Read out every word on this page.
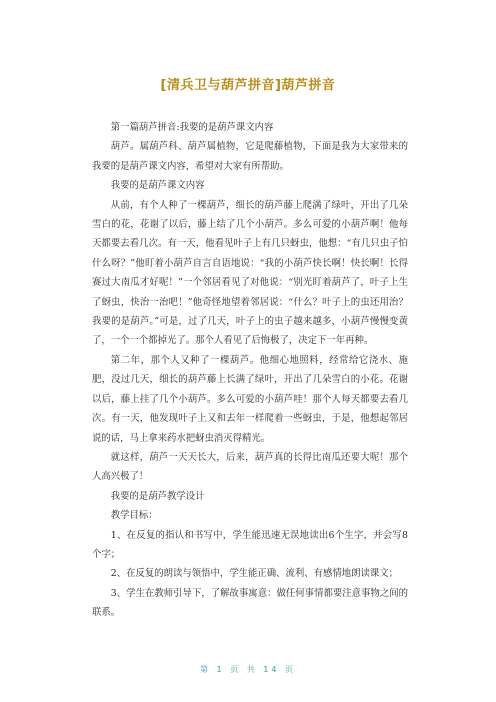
[清兵卫与葫芦拼音]葫芦拼音

第一篇葫芦拼音:我要的是葫芦课文内容

葫芦。属葫芦科、葫芦属植物，它是爬藤植物，下面是我为大家带来的我要的是葫芦课文内容，希望对大家有所帮助。

我要的是葫芦课文内容

从前，有个人种了一棵葫芦，细长的葫芦藤上爬满了绿叶，开出了几朵雪白的花，花谢了以后，藤上结了几个小葫芦。多么可爱的小葫芦啊！他每天都要去看几次。有一天，他看见叶子上有几只蚜虫，他想：“有几只虫子怕什么呀？”他盯着小葫芦自言自语地说：“我的小葫芦快长啊！快长啊！长得赛过大南瓜才好呢！”一个邻居看见了对他说：“别光盯着葫芦了，叶子上生了蚜虫，快治一治吧！”他奇怪地望着邻居说：“什么？叶子上的虫还用治？我要的是葫芦。”可是，过了几天，叶子上的虫子越来越多，小葫芦慢慢变黄了，一个一个都掉光了。那个人看见了后悔极了，决定下一年再种。

第二年，那个人又种了一棵葫芦。他细心地照料，经常给它浇水、施肥，没过几天，细长的葫芦藤上长满了绿叶，开出了几朵雪白的小花。花谢以后，藤上挂了几个小葫芦。多么可爱的小葫芦哇！那个人每天都要去看几次。有一天，他发现叶子上又和去年一样爬着一些蚜虫，于是，他想起邻居说的话，马上拿来药水把蚜虫消灭得精光。

就这样，葫芦一天天长大，后来，葫芦真的长得比南瓜还要大呢！那个人高兴极了！

我要的是葫芦教学设计

教学目标：

1、在反复的指认和书写中，学生能迅速无误地读出6个生字，并会写8个字；

2、在反复的朗读与领悟中，学生能正确、流利、有感情地朗读课文；

3、学生在教师引导下，了解故事寓意：做任何事情都要注意事物之间的联系。

第 1 页 共 14 页
